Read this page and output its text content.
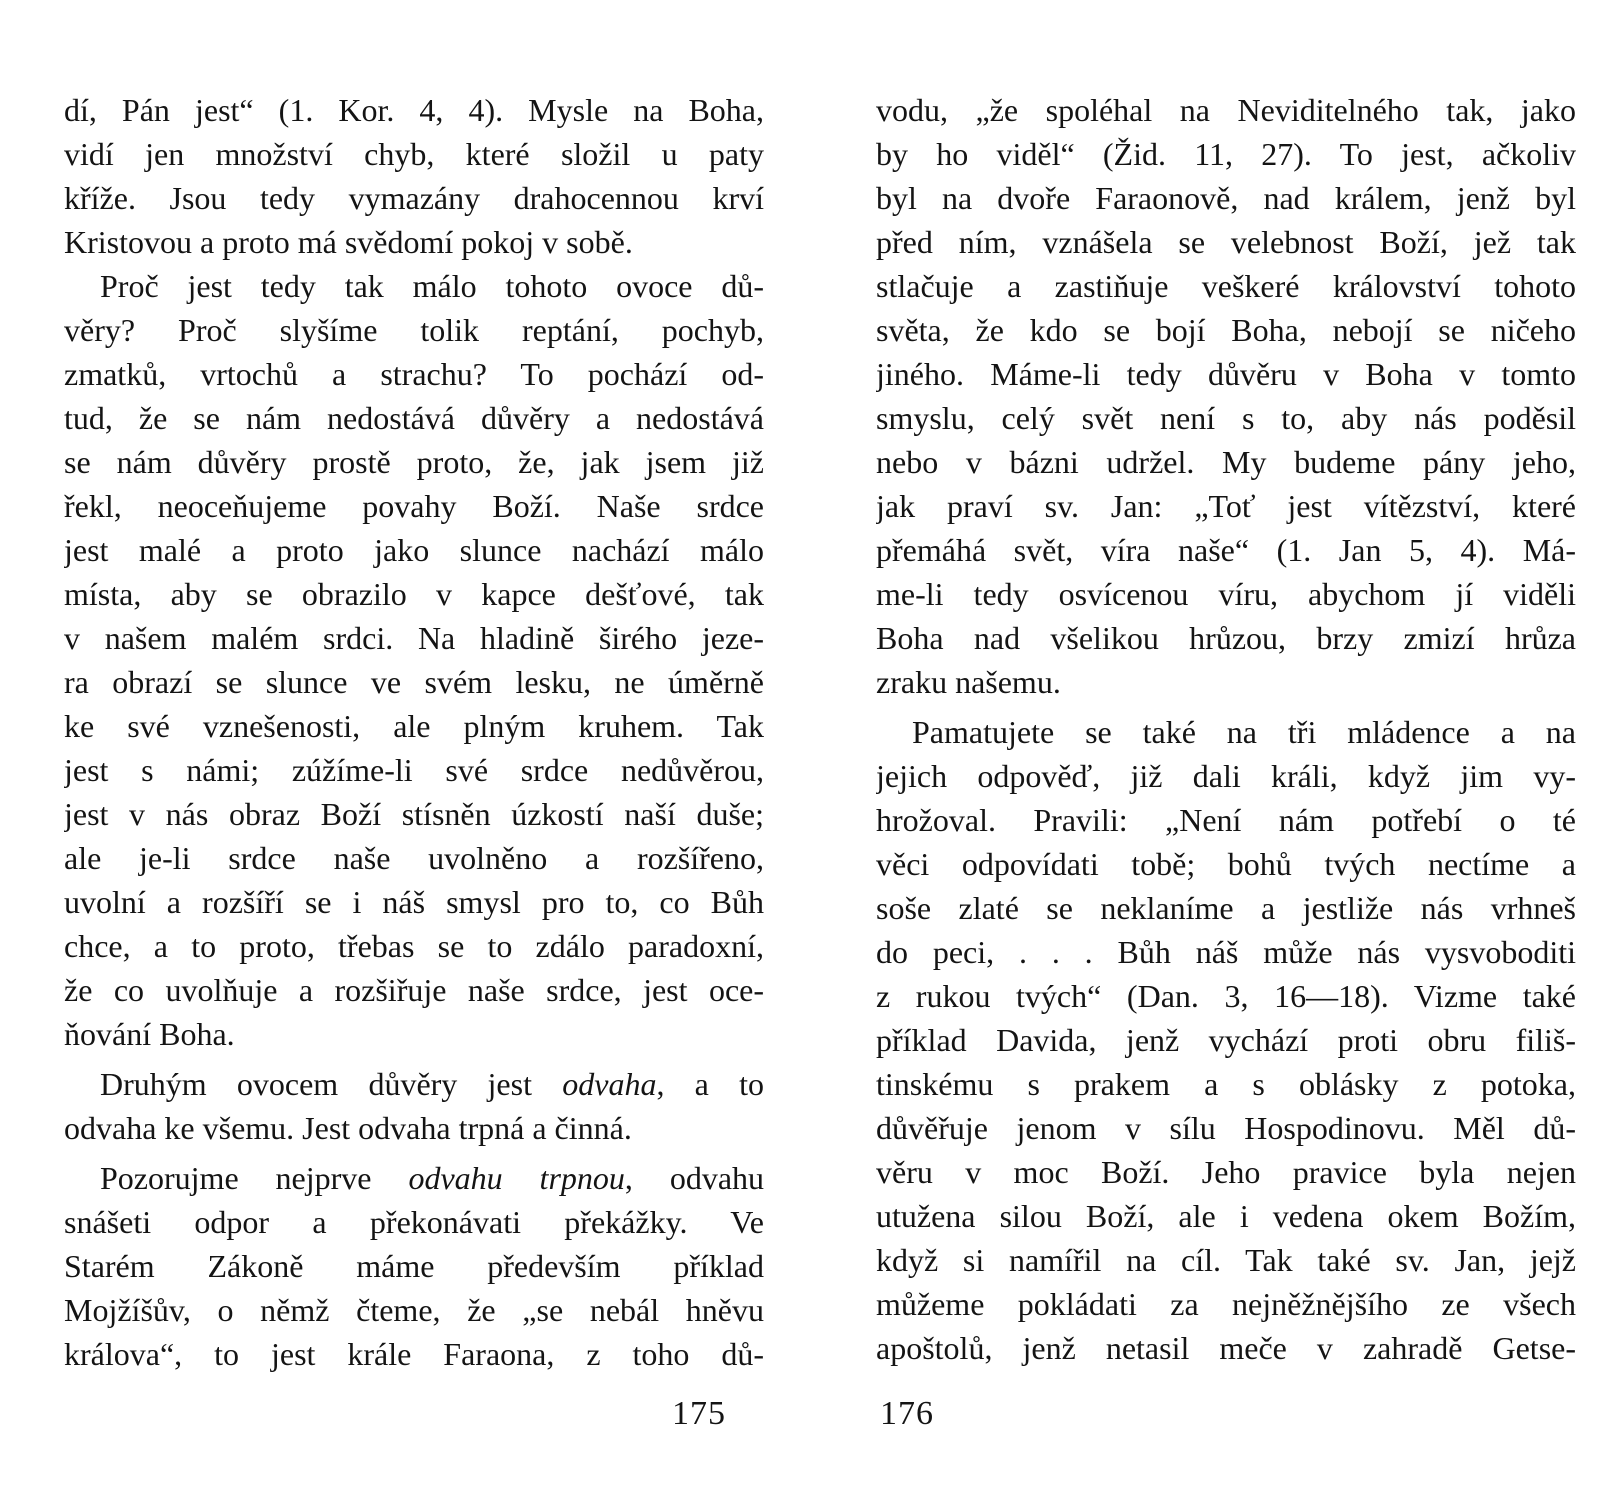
dí, Pán jest“ (1. Kor. 4, 4). Mysle na Boha,
vidí jen množství chyb, které složil u paty
kříže. Jsou tedy vymazány drahocennou krví
Kristovou a proto má svědomí pokoj v sobě.
Proč jest tedy tak málo tohoto ovoce dů-
věry? Proč slyšíme tolik reptání, pochyb,
zmatků, vrtochů a strachu? To pochází od-
tud, že se nám nedostává důvěry a nedostává
se nám důvěry prostě proto, že, jak jsem již
řekl, neoceňujeme povahy Boží. Naše srdce
jest malé a proto jako slunce nachází málo
místa, aby se obrazilo v kapce dešťové, tak
v našem malém srdci. Na hladině širého jeze-
ra obrazí se slunce ve svém lesku, ne úměrně
ke své vznešenosti, ale plným kruhem. Tak
jest s námi; zúžíme-li své srdce nedůvěrou,
jest v nás obraz Boží stísněn úzkostí naší duše;
ale je-li srdce naše uvolněno a rozšířeno,
uvolní a rozšíří se i náš smysl pro to, co Bůh
chce, a to proto, třebas se to zdálo paradoxní,
že co uvolňuje a rozšiřuje naše srdce, jest oce-
ňování Boha.
Druhým ovocem důvěry jest odvaha, a to
odvaha ke všemu. Jest odvaha trpná a činná.
Pozorujme nejprve odvahu trpnou, odvahu
snášeti odpor a překonávati překážky. Ve
Starém Zákoně máme především příklad
Mojžíšův, o němž čteme, že „se nebál hněvu
králova“, to jest krále Faraona, z toho dů-
175
vodu, „že spoléhal na Neviditelného tak, jako
by ho viděl“ (Žid. 11, 27). To jest, ačkoliv
byl na dvoře Faraonově, nad králem, jenž byl
před ním, vznášela se velebnost Boží, jež tak
stlačuje a zastiňuje veškeré království tohoto
světa, že kdo se bojí Boha, nebojí se ničeho
jiného. Máme-li tedy důvěru v Boha v tomto
smyslu, celý svět není s to, aby nás poděsil
nebo v bázni udržel. My budeme pány jeho,
jak praví sv. Jan: „Toť jest vítězství, které
přemáhá svět, víra naše“ (1. Jan 5, 4). Má-
me-li tedy osvícenou víru, abychom jí viděli
Boha nad všelikou hrůzou, brzy zmizí hrůza
zraku našemu.
Pamatujete se také na tři mládence a na
jejich odpověď, již dali králi, když jim vy-
hrožoval. Pravili: „Není nám potřebí o té
věci odpovídati tobě; bohů tvých nectíme a
soše zlaté se neklaníme a jestliže nás vrhneš
do peci, . . . Bůh náš může nás vysvoboditi
z rukou tvých“ (Dan. 3, 16—18). Vizme také
příklad Davida, jenž vychází proti obru filiš-
tinskému s prakem a s oblásky z potoka,
důvěřuje jenom v sílu Hospodinovu. Měl dů-
věru v moc Boží. Jeho pravice byla nejen
utužena silou Boží, ale i vedena okem Božím,
když si namířil na cíl. Tak také sv. Jan, jejž
můžeme pokládati za nejněžnějšího ze všech
apoštolů, jenž netasil meče v zahradě Getse-
176
